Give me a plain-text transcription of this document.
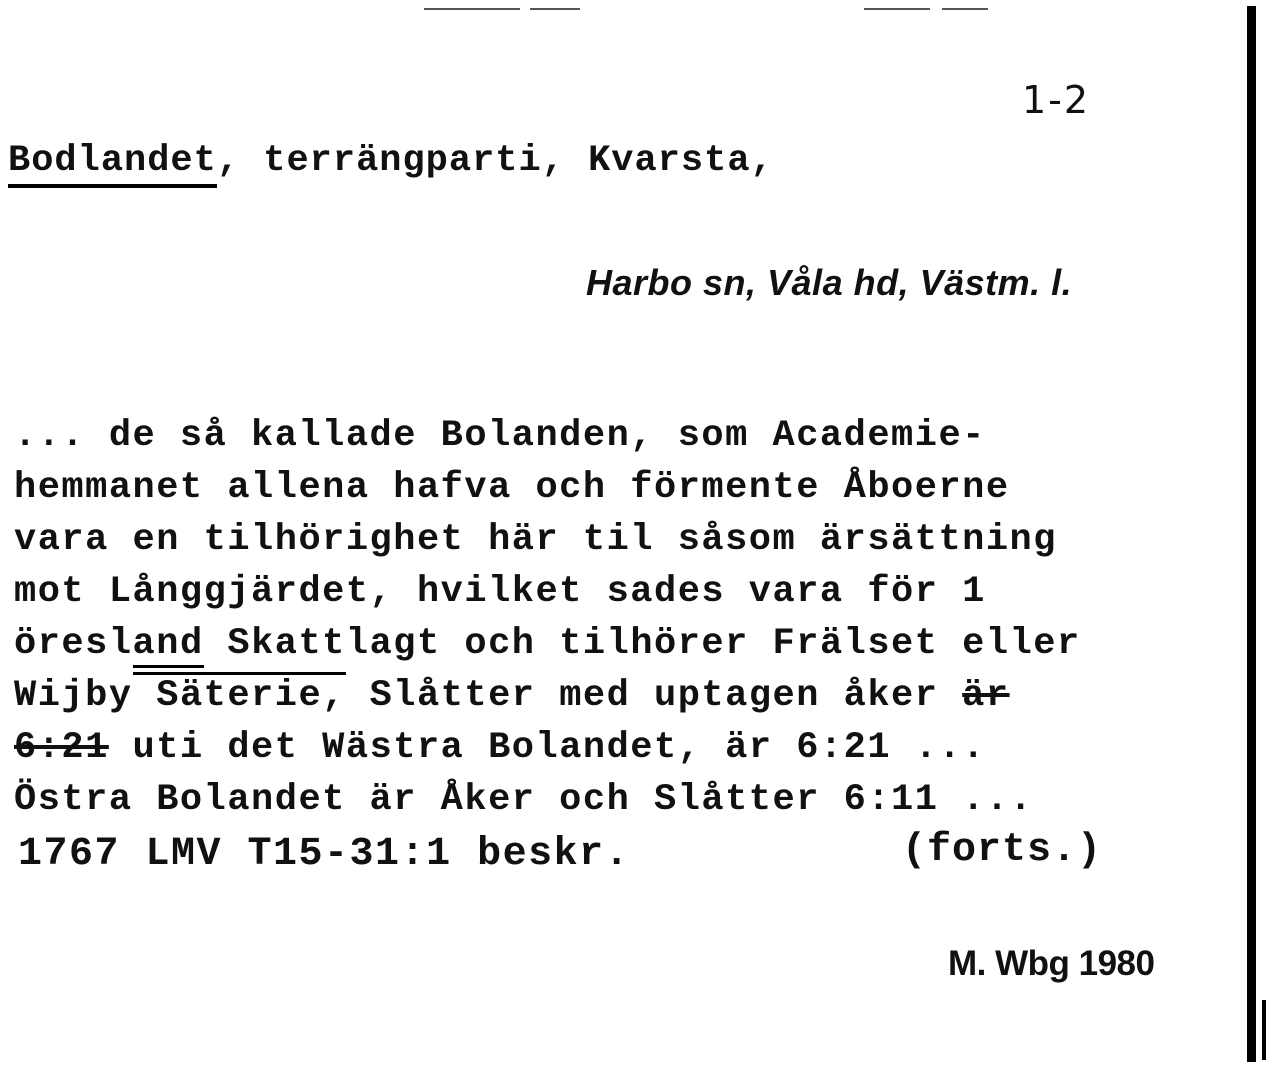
1-2
Bodlandet, terrängparti, Kvarsta,
Harbo sn, Våla hd, Västm. l.
... de så kallade Bolanden, som Academie-
hemmanet allena hafva och förmente Åboerne
vara en tilhörighet här til såsom ärsättning
mot Långgjärdet, hvilket sades vara för 1
öresland Skattlagt och tilhörer Frälset eller
Wijby Säterie, Slåtter med uptagen åker är
6:21 uti det Wästra Bolandet, är 6:21 ...
Östra Bolandet är Åker och Slåtter 6:11 ...
1767 LMV T15-31:1 beskr.	(forts.)
M. Wbg 1980
